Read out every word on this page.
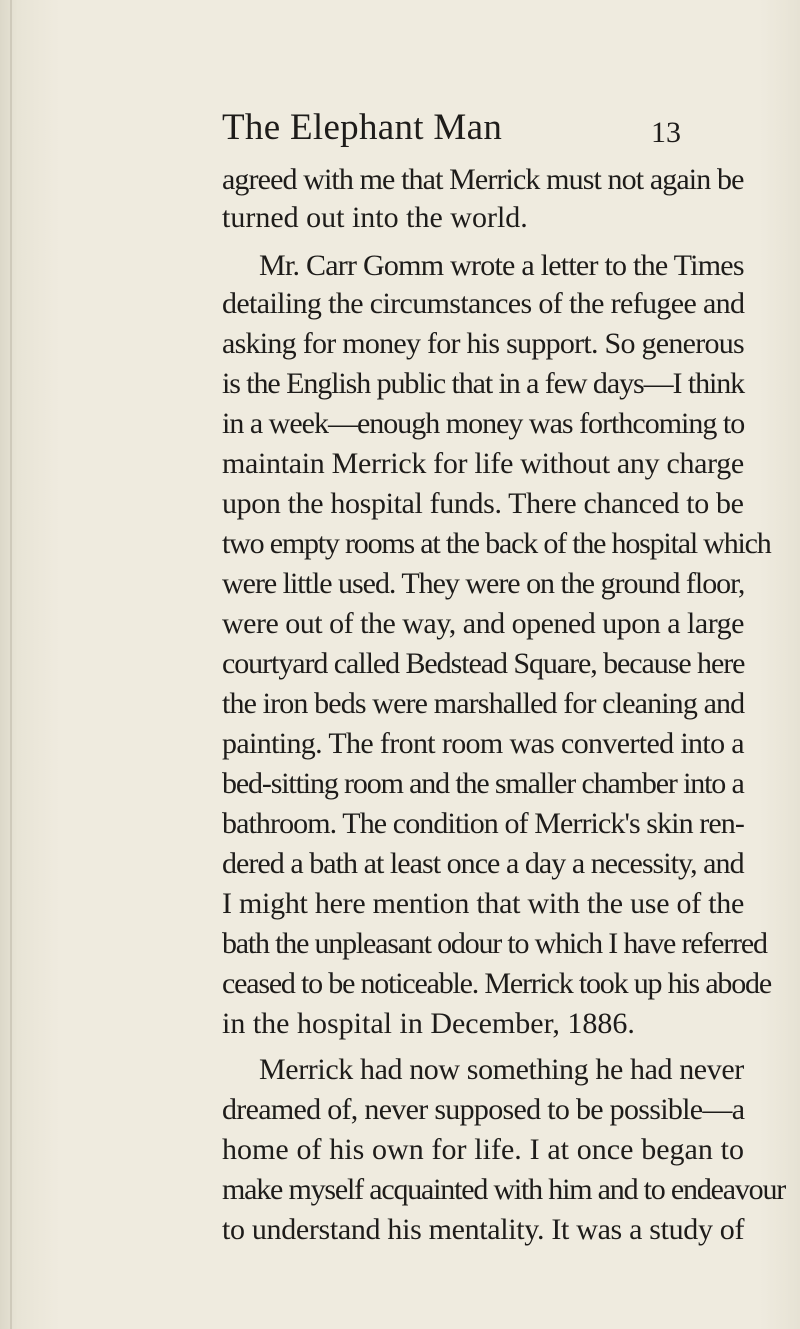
The Elephant Man	13
agreed with me that Merrick must not again be
turned out into the world.
Mr. Carr Gomm wrote a letter to the Times
detailing the circumstances of the refugee and
asking for money for his support. So generous
is the English public that in a few days—I think
in a week—enough money was forthcoming to
maintain Merrick for life without any charge
upon the hospital funds. There chanced to be
two empty rooms at the back of the hospital which
were little used. They were on the ground floor,
were out of the way, and opened upon a large
courtyard called Bedstead Square, because here
the iron beds were marshalled for cleaning and
painting. The front room was converted into a
bed-sitting room and the smaller chamber into a
bathroom. The condition of Merrick's skin ren-
dered a bath at least once a day a necessity, and
I might here mention that with the use of the
bath the unpleasant odour to which I have referred
ceased to be noticeable. Merrick took up his abode
in the hospital in December, 1886.
Merrick had now something he had never
dreamed of, never supposed to be possible—a
home of his own for life. I at once began to
make myself acquainted with him and to endeavour
to understand his mentality. It was a study of
